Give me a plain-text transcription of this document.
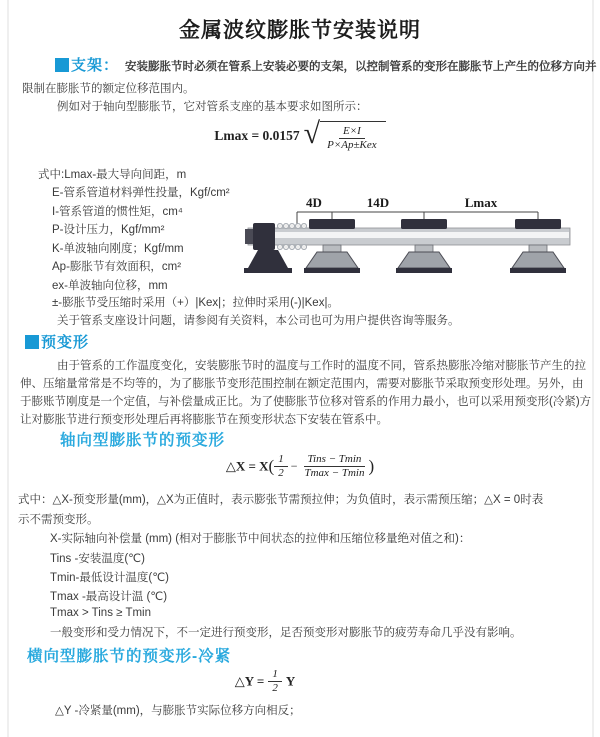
金属波纹膨胀节安装说明
支架： 安装膨胀节时必须在管系上安装必要的支架，以控制管系的变形在膨胀节上产生的位移方向并
限制在膨胀节的额定位移范围内。
例如对于轴向型膨胀节，它对管系支座的基本要求如图所示：
Lmax = 0.0157 √ $\frac{E\times I}{\text{P×Ap±Kex}}$
式中:Lmax-最大导向间距，m
E-管系管道材料弹性投量，Kgf/cm²
I-管系管道的惯性矩，cm⁴
P-设计压力，Kgf/mm²
K-单波轴向刚度；Kgf/mm
Ap-膨胀节有效面积，cm²
ex-单波轴向位移，mm
±-膨胀节受压缩时采用（+）|Kex|；拉伸时采用(-)|Kex|。
关于管系支座设计问题，请参阅有关资料，本公司也可为用户提供咨询等服务。
4D	14D	Lmax
预变形
由于管系的工作温度变化，安装膨胀节时的温度与工作时的温度不同，管系热膨胀冷缩对膨胀节产生的拉
伸、压缩量常常是不均等的，为了膨胀节变形范围控制在额定范围内，需要对膨胀节采取预变形处理。另外，由
于膨账节刚度是一个定值，与补偿量成正比。为了使膨胀节位移对管系的作用力最小，也可以采用预变形(冷紧)方
让对膨胀节进行预变形处理后再将膨胀节在预变形状态下安装在管系中。
轴向型膨胀节的预变形
△X = $X( \frac{1}{2} - \frac{\text{Tins − Tmin}}{Tmax - Tmin}$ )
式中：△X-预变形量(mm)，△X为正值时，表示膨张节需预拉伸；为负值时，表示需预压缩；△X = 0时表
示不需预变形。
X-实际轴向补偿量 (mm) (相对于膨胀节中间状态的拉伸和压缩位移量绝对值之和)：
Tins -安装温度(℃)
Tmin-最低设计温度(℃)
Tmax -最高设计温 (℃)
Tmax > Tins ≥ Tmin
一般变形和受力情况下，不一定进行预变形，足否预变形对膨胀节的疲劳寿命几乎没有影响。
横向型膨胀节的预变形-冷紧
△Y = $\frac{1}{2}$ Y
△Y -冷紧量(mm)，与膨胀节实际位移方向相反；
